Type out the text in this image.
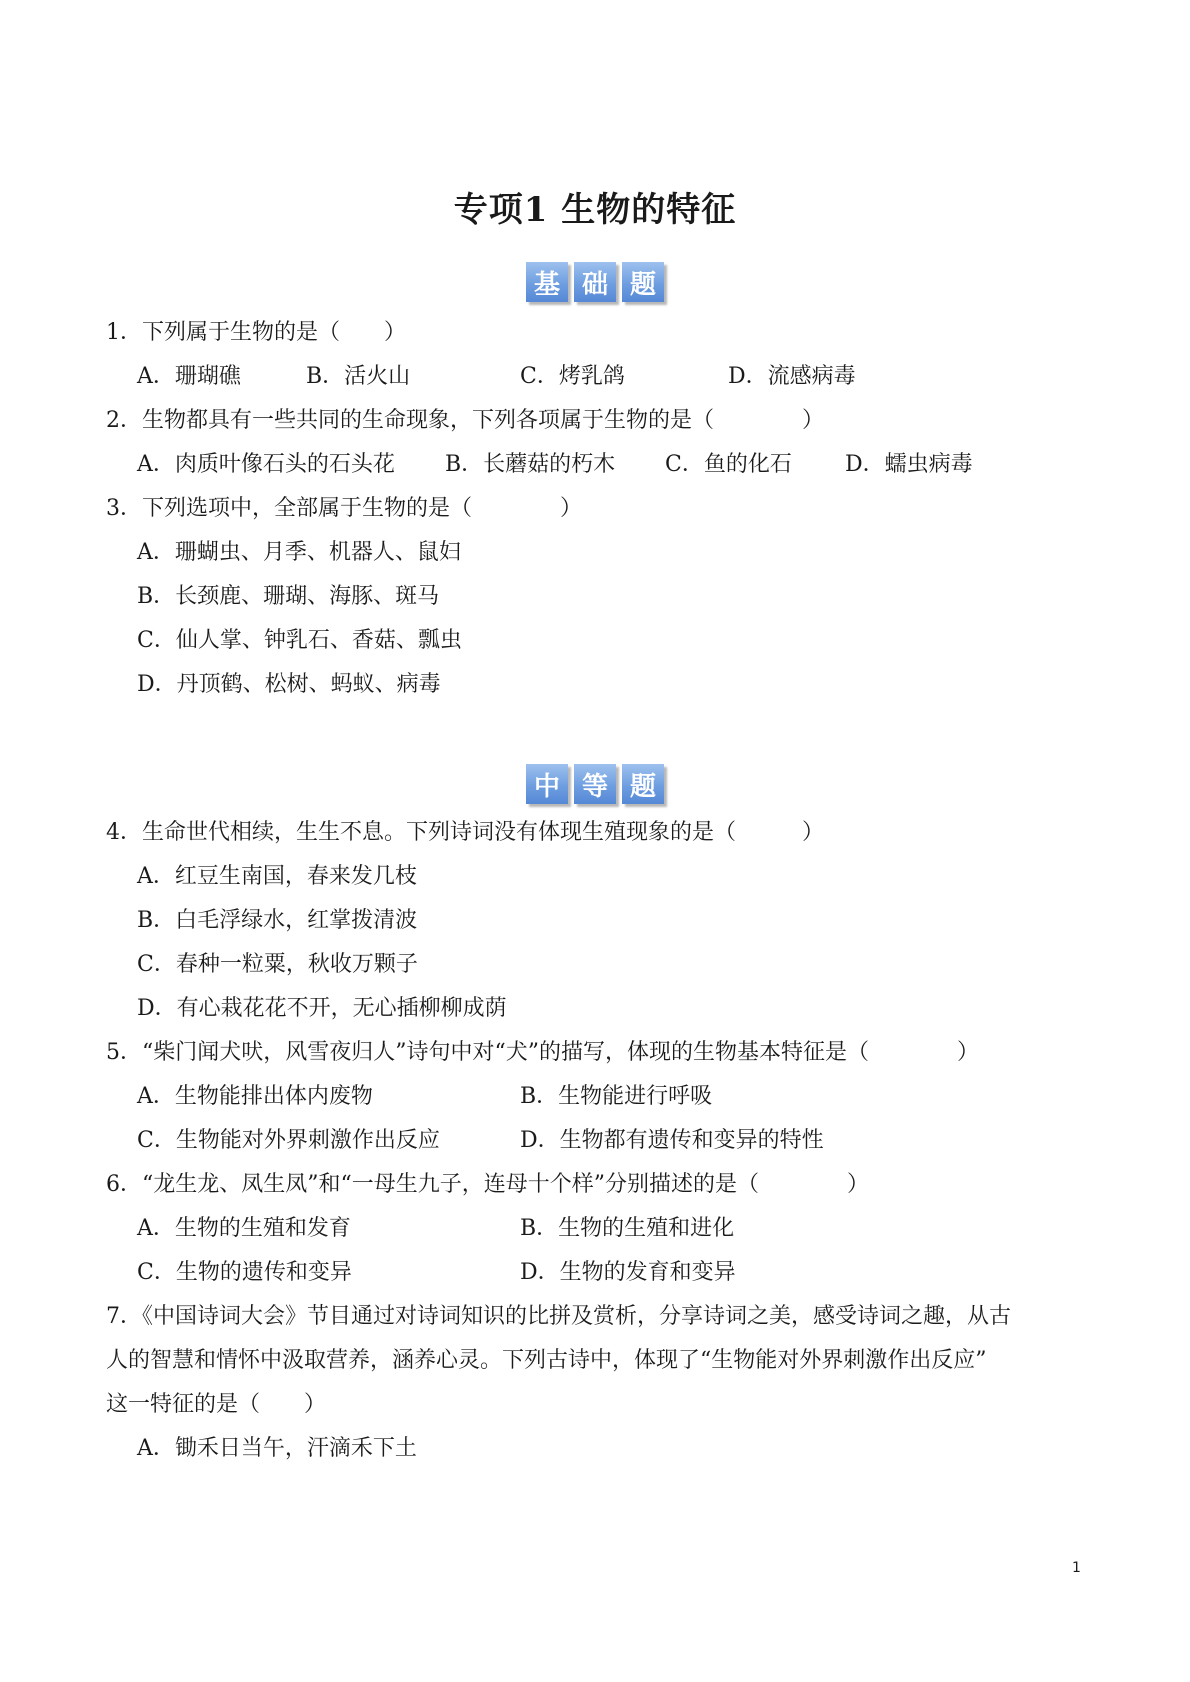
专项1 生物的特征
基 础 题
1．下列属于生物的是（　　）
A．珊瑚礁	B．活火山	C．烤乳鸽	D．流感病毒
2．生物都具有一些共同的生命现象，下列各项属于生物的是（　　　　）
A．肉质叶像石头的石头花 B．长蘑菇的朽木 C．鱼的化石 D．蠕虫病毒
3．下列选项中，全部属于生物的是（　　　　）
A．珊蝴虫、月季、机器人、鼠妇
B．长颈鹿、珊瑚、海豚、斑马
C．仙人掌、钟乳石、香菇、瓢虫
D．丹顶鹤、松树、蚂蚁、病毒
中 等 题
4．生命世代相续，生生不息。下列诗词没有体现生殖现象的是（　　　）
A．红豆生南国，春来发几枝
B．白毛浮绿水，红掌拨清波
C．春种一粒粟，秋收万颗子
D．有心栽花花不开，无心插柳柳成荫
5．“柴门闻犬吠，风雪夜归人”诗句中对“犬”的描写，体现的生物基本特征是（　　　　）
A．生物能排出体内废物	B．生物能进行呼吸
C．生物能对外界刺激作出反应	D．生物都有遗传和变异的特性
6．“龙生龙、凤生凤”和“一母生九子，连母十个样”分别描述的是（　　　　）
A．生物的生殖和发育	B．生物的生殖和进化
C．生物的遗传和变异	D．生物的发育和变异
7．《中国诗词大会》节目通过对诗词知识的比拼及赏析，分享诗词之美，感受诗词之趣，从古
人的智慧和情怀中汲取营养，涵养心灵。下列古诗中，体现了“生物能对外界刺激作出反应”
这一特征的是（　　）
A．锄禾日当午，汗滴禾下土
1
